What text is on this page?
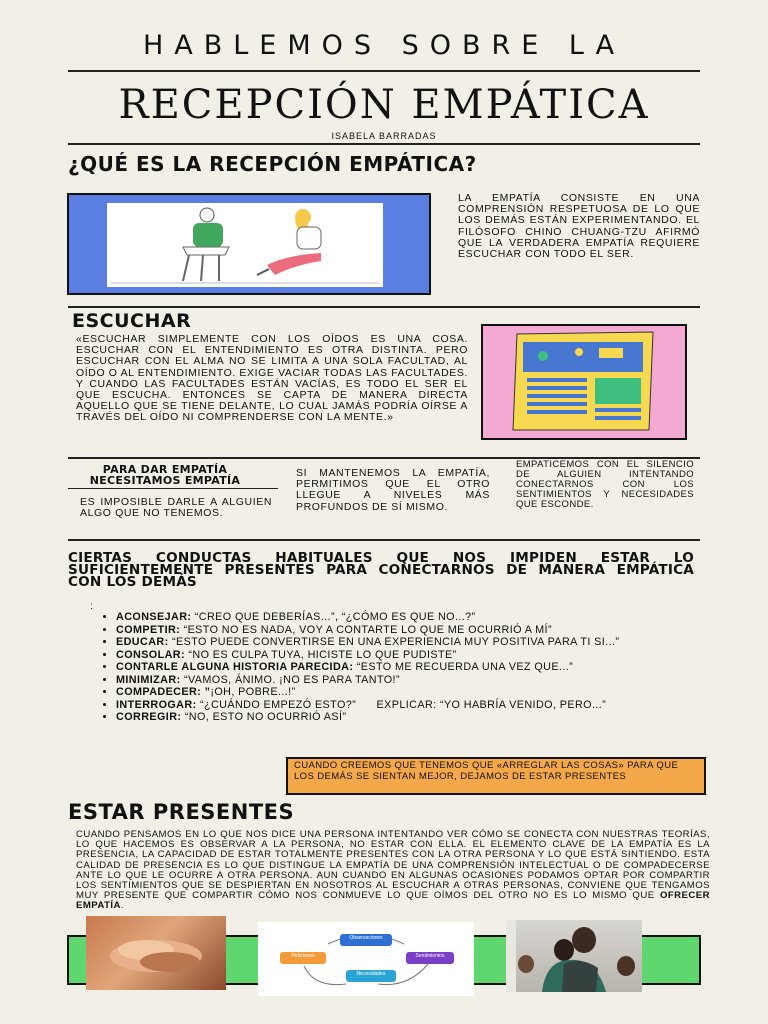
HABLEMOS SOBRE LA
RECEPCIÓN EMPÁTICA
ISABELA BARRADAS
¿QUÉ ES LA RECEPCIÓN EMPÁTICA?
LA EMPATÍA CONSISTE EN UNA COMPRENSIÓN RESPETUOSA DE LO QUE LOS DEMÁS ESTÁN EXPERIMENTANDO. EL FILÓSOFO CHINO CHUANG-TZU AFIRMÓ QUE LA VERDADERA EMPATÍA REQUIERE ESCUCHAR CON TODO EL SER.
ESCUCHAR
«ESCUCHAR SIMPLEMENTE CON LOS OÍDOS ES UNA COSA. ESCUCHAR CON EL ENTENDIMIENTO ES OTRA DISTINTA. PERO ESCUCHAR CON EL ALMA NO SE LIMITA A UNA SOLA FACULTAD, AL OÍDO O AL ENTENDIMIENTO. EXIGE VACIAR TODAS LAS FACULTADES. Y CUANDO LAS FACULTADES ESTÁN VACÍAS, ES TODO EL SER EL QUE ESCUCHA. ENTONCES SE CAPTA DE MANERA DIRECTA AQUELLO QUE SE TIENE DELANTE, LO CUAL JAMÁS PODRÍA OÍRSE A TRAVÉS DEL OÍDO NI COMPRENDERSE CON LA MENTE.»
PARA DAR EMPATÍA
NECESITAMOS EMPATÍA
ES IMPOSIBLE DARLE A ALGUIEN ALGO QUE NO TENEMOS.
SI MANTENEMOS LA EMPATÍA, PERMITIMOS QUE EL OTRO LLEGUE A NIVELES MÁS PROFUNDOS DE SÍ MISMO.
EMPATICEMOS CON EL SILENCIO DE ALGUIEN INTENTANDO CONECTARNOS CON LOS SENTIMIENTOS Y NECESIDADES QUE ESCONDE.
CIERTAS CONDUCTAS HABITUALES QUE NOS IMPIDEN ESTAR LO SUFICIENTEMENTE PRESENTES PARA CONECTARNOS DE MANERA EMPÁTICA CON LOS DEMÁS
:
• ACONSEJAR: “CREO QUE DEBERÍAS...”, “¿CÓMO ES QUE NO...?”
• COMPETIR: “ESTO NO ES NADA, VOY A CONTARTE LO QUE ME OCURRIÓ A MÍ”
• EDUCAR: “ESTO PUEDE CONVERTIRSE EN UNA EXPERIENCIA MUY POSITIVA PARA TI SI...”
• CONSOLAR: “NO ES CULPA TUYA, HICISTE LO QUE PUDISTE”
• CONTARLE ALGUNA HISTORIA PARECIDA: “ESTO ME RECUERDA UNA VEZ QUE...”
• MINIMIZAR: “VAMOS, ÁNIMO. ¡NO ES PARA TANTO!”
• COMPADECER: ”¡OH, POBRE...!”
• INTERROGAR: “¿CUÁNDO EMPEZÓ ESTO?”      EXPLICAR: “YO HABRÍA VENIDO, PERO...”
• CORREGIR: “NO, ESTO NO OCURRIÓ ASÍ”
CUANDO CREEMOS QUE TENEMOS QUE «ARREGLAR LAS COSAS» PARA QUE LOS DEMÁS SE SIENTAN MEJOR, DEJAMOS DE ESTAR PRESENTES
ESTAR PRESENTES
CUANDO PENSAMOS EN LO QUE NOS DICE UNA PERSONA INTENTANDO VER CÓMO SE CONECTA CON NUESTRAS TEORÍAS, LO QUE HACEMOS ES OBSERVAR A LA PERSONA, NO ESTAR CON ELLA. EL ELEMENTO CLAVE DE LA EMPATÍA ES LA PRESENCIA, LA CAPACIDAD DE ESTAR TOTALMENTE PRESENTES CON LA OTRA PERSONA Y LO QUE ESTÁ SINTIENDO. ESTA CALIDAD DE PRESENCIA ES LO QUE DISTINGUE LA EMPATÍA DE UNA COMPRENSIÓN INTELECTUAL O DE COMPADECERSE ANTE LO QUE LE OCURRE A OTRA PERSONA. AUN CUANDO EN ALGUNAS OCASIONES PODAMOS OPTAR POR COMPARTIR LOS SENTIMIENTOS QUE SE DESPIERTAN EN NOSOTROS AL ESCUCHAR A OTRAS PERSONAS, CONVIENE QUE TENGAMOS MUY PRESENTE QUE COMPARTIR CÓMO NOS CONMUEVE LO QUE OÍMOS DEL OTRO NO ES LO MISMO QUE OFRECER EMPATÍA.
Observaciones
Sentimientos
Necesidades
Peticiones
